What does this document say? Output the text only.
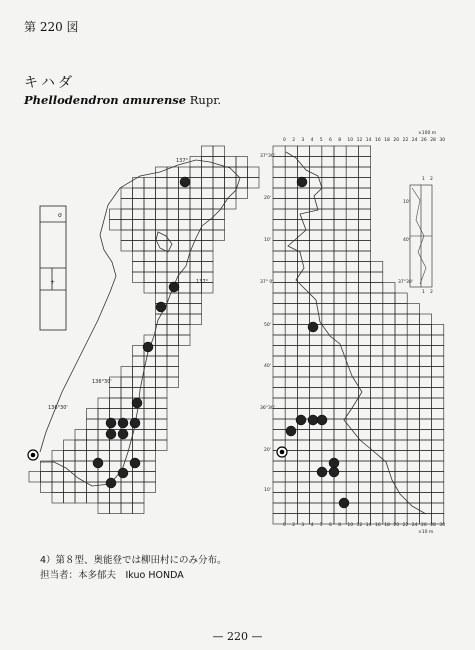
第 220 図
キハダ
Phellodendron amurense Rupr.
σ
+
137°
137°
136°30'
136°30'
0 2 3 4 5 6 8 10 12 14 16 18 20 22 24 26 28 30
0 2 3 4 5 6 8 10 12 14 16 18 20 22 24 26 28 30
×100 m
×10 m
37°30'
20'
10'
37° 0'
50'
40'
36°30'
20'
10'
10'
40'
37°30'
1 2
1 2
4）第８型、奥能登では柳田村にのみ分布。
担当者：本多郁夫　Ikuo HONDA
— 220 —
